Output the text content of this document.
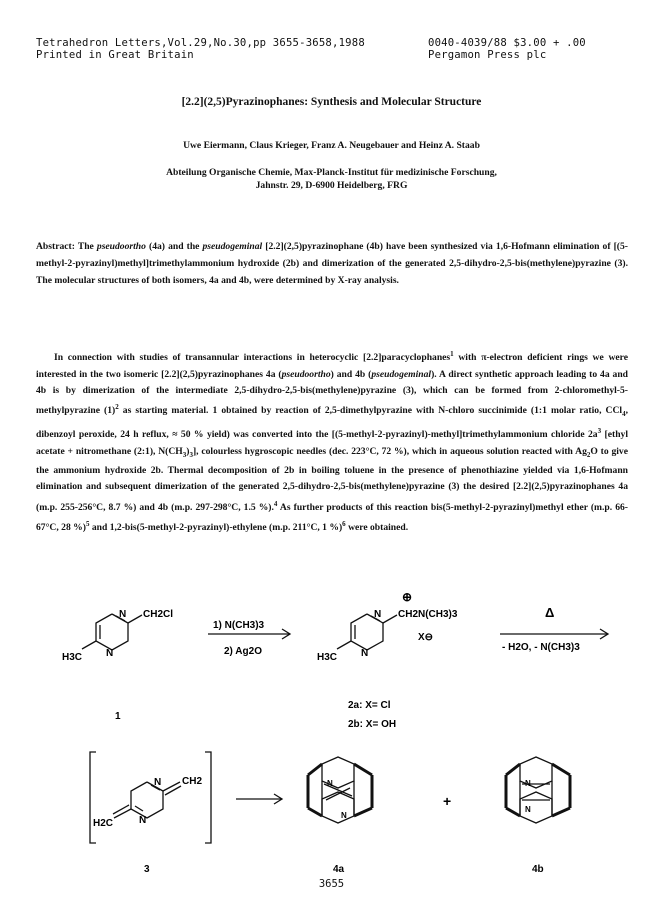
Tetrahedron Letters,Vol.29,No.30,pp 3655-3658,1988
Printed in Great Britain
0040-4039/88 $3.00 + .00
Pergamon Press plc
[2.2](2,5)Pyrazinophanes: Synthesis and Molecular Structure
Uwe Eiermann, Claus Krieger, Franz A. Neugebauer and Heinz A. Staab
Abteilung Organische Chemie, Max-Planck-Institut für medizinische Forschung,
Jahnstr. 29, D-6900 Heidelberg, FRG
Abstract: The pseudoortho (4a) and the pseudogeminal [2.2](2,5)pyrazinophane (4b) have been synthesized via 1,6-Hofmann elimination of [(5-methyl-2-pyrazinyl)methyl]trimethylammonium hydroxide (2b) and dimerization of the generated 2,5-dihydro-2,5-bis(methylene)pyrazine (3). The molecular structures of both isomers, 4a and 4b, were determined by X-ray analysis.

In connection with studies of transannular interactions in heterocyclic [2.2]paracyclophanes$^1$ with π-electron deficient rings we were interested in the two isomeric [2.2](2,5)pyrazinophanes 4a (pseudoortho) and 4b (pseudogeminal). A direct synthetic approach leading to 4a and 4b is by dimerization of the intermediate 2,5-dihydro-2,5-bis(methylene)pyrazine (3), which can be formed from 2-chloromethyl-5-methylpyrazine $(1)^2$ as starting material. 1 obtained by reaction of 2,5-dimethylpyrazine with N-chloro succinimide (1:1 molar ratio, CCl$_4$, dibenzoyl peroxide, 24 h reflux, ≈ 50 % yield) was converted into the [(5-methyl-2-pyrazinyl)-methyl]trimethylammonium chloride $2a^3$ [ethyl acetate + nitromethane (2:1), $N(CH_3)_3$], colourless hygroscopic needles (dec. 223°C, 72 %), which in aqueous solution reacted with $Ag_2O$ to give the ammonium hydroxide 2b. Thermal decomposition of 2b in boiling toluene in the presence of phenothiazine yielded via 1,6-Hofmann elimination and subsequent dimerization of the generated 2,5-dihydro-2,5-bis(methylene)pyrazine (3) the desired [2.2](2,5)pyrazinophanes 4a (m.p. 255-256°C, 8.7 %) and 4b (m.p. 297-298°C, 1.5 %).$^4$ As further products of this reaction bis(5-methyl-2-pyrazinyl)methyl ether (m.p. 66-67°C, 28 %)$^5$ and 1,2-bis(5-methyl-2-pyrazinyl)-ethylene (m.p. 211°C, 1 %)$^6$ were obtained.

N
N
CH2Cl
H3C
1) N(CH3)3
2) Ag2O
⊕
N
N
CH2N(CH3)3
X⊖
H3C
Δ
- H2O, - N(CH3)3
1
2a: X= Cl
2b: X= OH
N
N
CH2
H2C
N
N
+
N
N
3	4a	4b
3655
